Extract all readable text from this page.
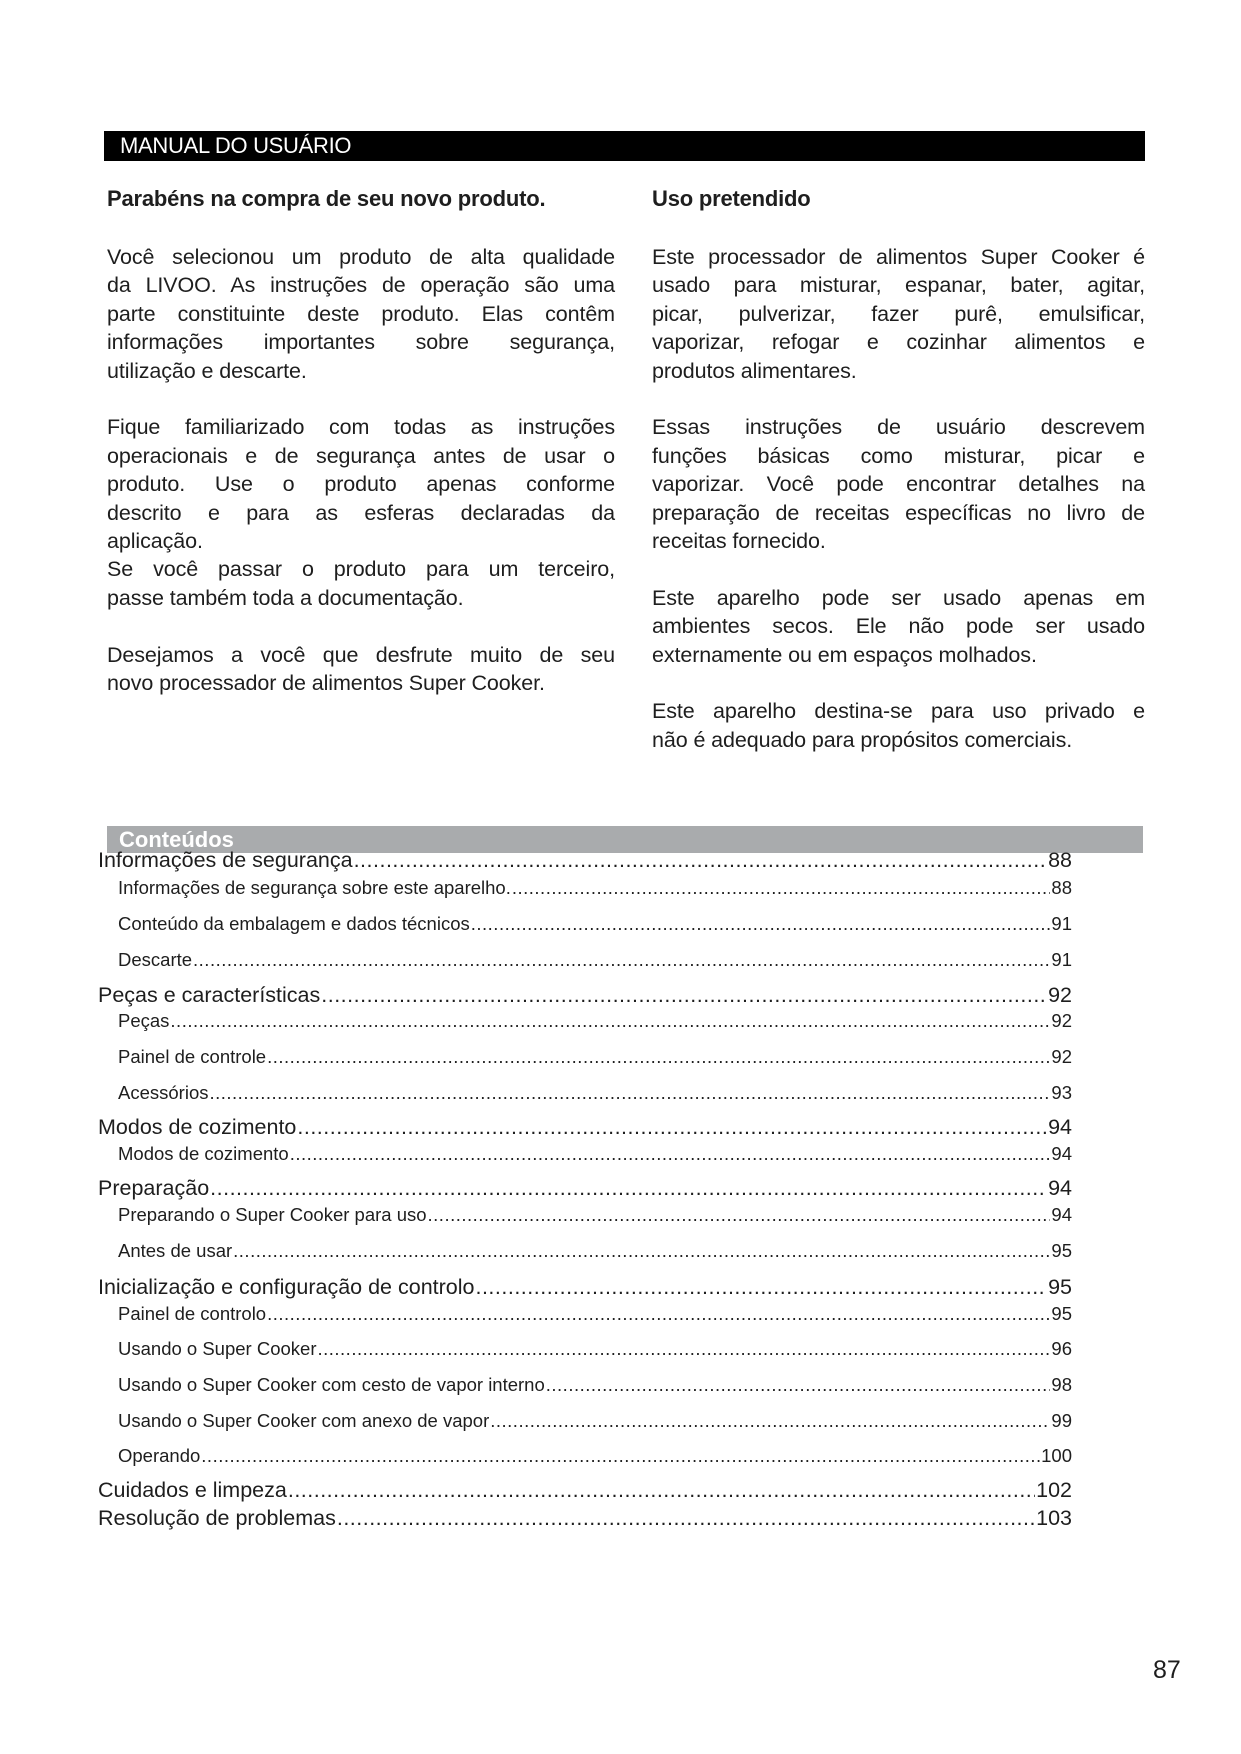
MANUAL DO USUÁRIO
Parabéns na compra de seu novo produto.
Você selecionou um produto de alta qualidade
da LIVOO. As instruções de operação são uma
parte constituinte deste produto. Elas contêm
informações importantes sobre segurança,
utilização e descarte.
Fique familiarizado com todas as instruções
operacionais e de segurança antes de usar o
produto. Use o produto apenas conforme
descrito e para as esferas declaradas da
aplicação.
Se você passar o produto para um terceiro,
passe também toda a documentação.
Desejamos a você que desfrute muito de seu
novo processador de alimentos Super Cooker.
Uso pretendido
Este processador de alimentos Super Cooker é
usado para misturar, espanar, bater, agitar,
picar, pulverizar, fazer purê, emulsificar,
vaporizar, refogar e cozinhar alimentos e
produtos alimentares.
Essas instruções de usuário descrevem
funções básicas como misturar, picar e
vaporizar. Você pode encontrar detalhes na
preparação de receitas específicas no livro de
receitas fornecido.
Este aparelho pode ser usado apenas em
ambientes secos. Ele não pode ser usado
externamente ou em espaços molhados.
Este aparelho destina-se para uso privado e
não é adequado para propósitos comerciais.
Conteúdos
Informações de segurança .....	88
Informações de segurança sobre este aparelho. .....	88
Conteúdo da embalagem e dados técnicos .....	91
Descarte .....	91
Peças e características .....	92
Peças .....	92
Painel de controle .....	92
Acessórios .....	93
Modos de cozimento .....	94
Modos de cozimento .....	94
Preparação .....	94
Preparando o Super Cooker para uso .....	94
Antes de usar .....	95
Inicialização e configuração de controlo .....	95
Painel de controlo .....	95
Usando o Super Cooker .....	96
Usando o Super Cooker com cesto de vapor interno .....	98
Usando o Super Cooker com anexo de vapor .....	99
Operando .....	100
Cuidados e limpeza .....	102
Resolução de problemas .....	103
87
